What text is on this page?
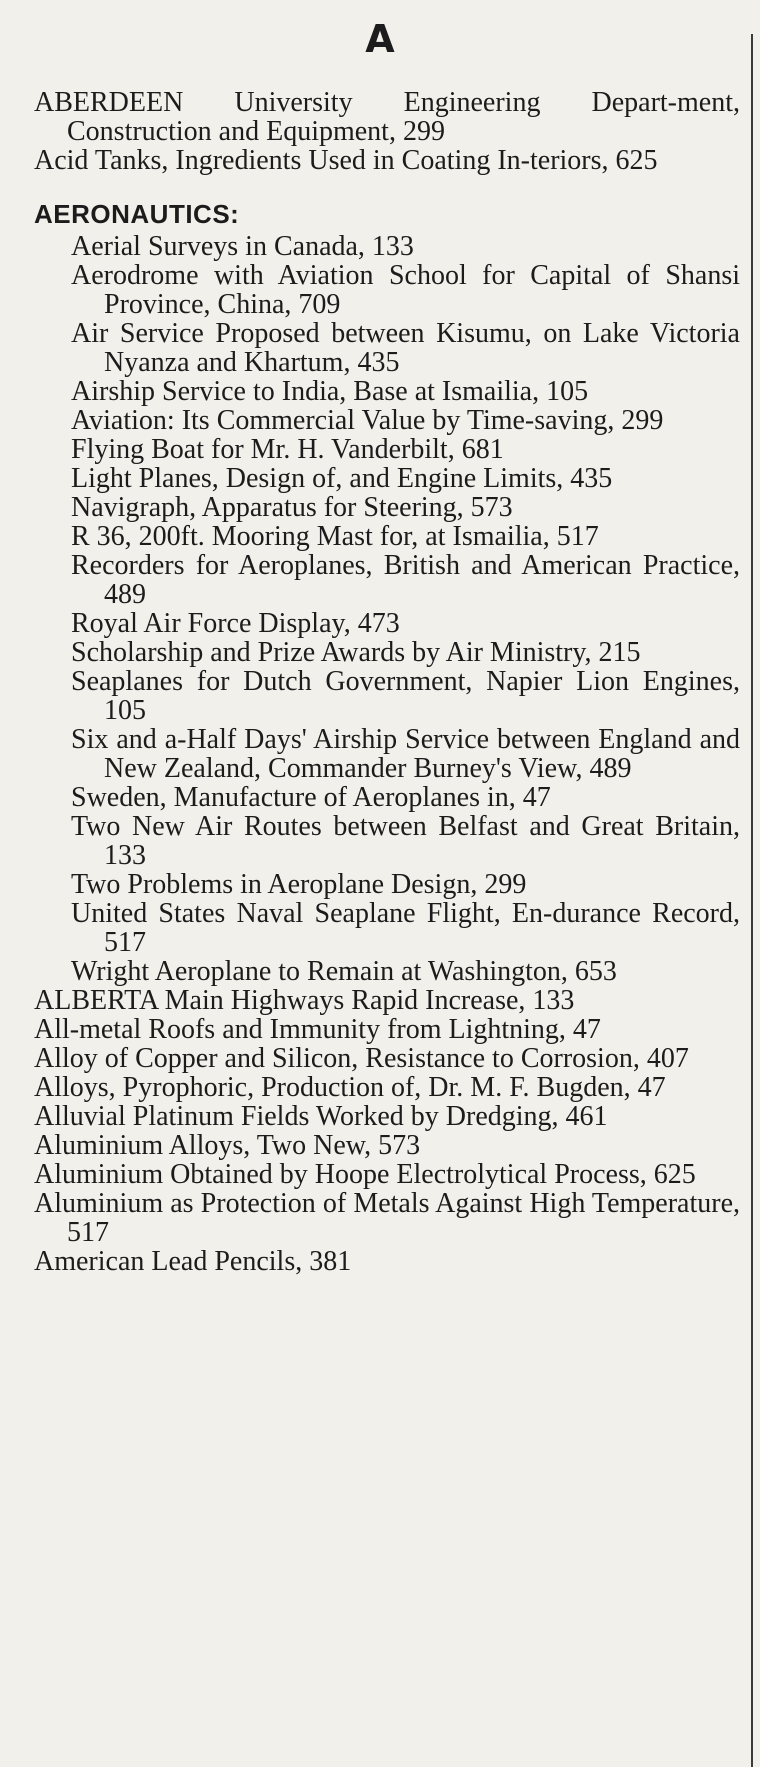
A
ABERDEEN University Engineering Depart-ment, Construction and Equipment, 299
Acid Tanks, Ingredients Used in Coating In-teriors, 625
AERONAUTICS:
Aerial Surveys in Canada, 133
Aerodrome with Aviation School for Capital of Shansi Province, China, 709
Air Service Proposed between Kisumu, on Lake Victoria Nyanza and Khartum, 435
Airship Service to India, Base at Ismailia, 105
Aviation: Its Commercial Value by Time-saving, 299
Flying Boat for Mr. H. Vanderbilt, 681
Light Planes, Design of, and Engine Limits, 435
Navigraph, Apparatus for Steering, 573
R 36, 200ft. Mooring Mast for, at Ismailia, 517
Recorders for Aeroplanes, British and American Practice, 489
Royal Air Force Display, 473
Scholarship and Prize Awards by Air Ministry, 215
Seaplanes for Dutch Government, Napier Lion Engines, 105
Six and a-Half Days' Airship Service between England and New Zealand, Commander Burney's View, 489
Sweden, Manufacture of Aeroplanes in, 47
Two New Air Routes between Belfast and Great Britain, 133
Two Problems in Aeroplane Design, 299
United States Naval Seaplane Flight, En-durance Record, 517
Wright Aeroplane to Remain at Washington, 653
ALBERTA Main Highways Rapid Increase, 133
All-metal Roofs and Immunity from Lightning, 47
Alloy of Copper and Silicon, Resistance to Corrosion, 407
Alloys, Pyrophoric, Production of, Dr. M. F. Bugden, 47
Alluvial Platinum Fields Worked by Dredging, 461
Aluminium Alloys, Two New, 573
Aluminium Obtained by Hoope Electrolytical Process, 625
Aluminium as Protection of Metals Against High Temperature, 517
American Lead Pencils, 381
